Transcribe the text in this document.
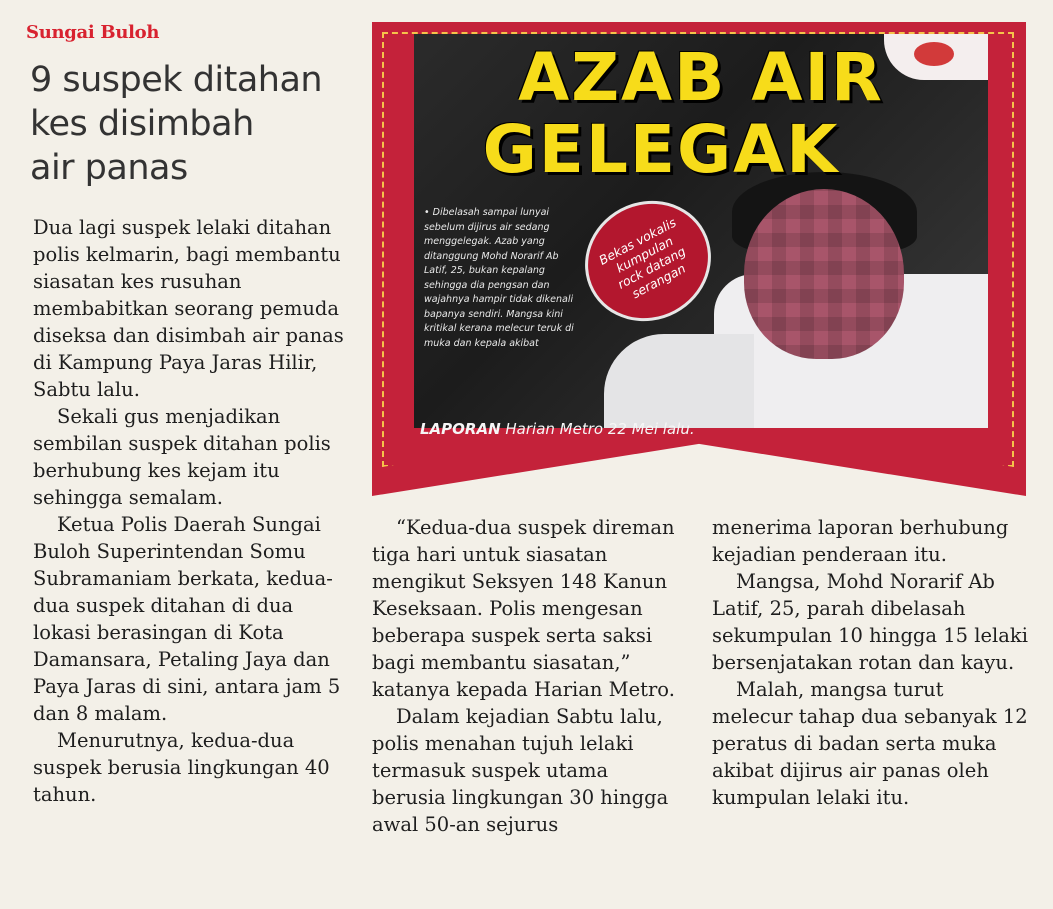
Sungai Buloh
9 suspek ditahan
kes disimbah
air panas

Dua lagi suspek lelaki ditahan polis kelmarin, bagi membantu siasatan kes rusuhan membabitkan seorang pemuda diseksa dan disimbah air panas di Kampung Paya Jaras Hilir, Sabtu lalu.

Sekali gus menjadikan sembilan suspek ditahan polis berhubung kes kejam itu sehingga semalam.

Ketua Polis Daerah Sungai Buloh Superintendan Somu Subramaniam berkata, kedua-dua suspek ditahan di dua lokasi berasingan di Kota Damansara, Petaling Jaya dan Paya Jaras di sini, antara jam 5 dan 8 malam.

Menurutnya, kedua-dua suspek berusia lingkungan 40 tahun.

AZAB AIR
GELEGAK
• Dibelasah sampai lunyai sebelum dijirus air sedang menggelegak. Azab yang ditanggung Mohd Norarif Ab Latif, 25, bukan kepalang sehingga dia pengsan dan wajahnya hampir tidak dikenali bapanya sendiri. Mangsa kini kritikal kerana melecur teruk di muka dan kepala akibat
Bekas vokalis kumpulan rock datang serangan
LAPORAN Harian Metro 22 Mei lalu.

“Kedua-dua suspek direman tiga hari untuk siasatan mengikut Seksyen 148 Kanun Keseksaan. Polis mengesan beberapa suspek serta saksi bagi membantu siasatan,” katanya kepada Harian Metro.

Dalam kejadian Sabtu lalu, polis menahan tujuh lelaki termasuk suspek utama berusia lingkungan 30 hingga awal 50-an sejurus

menerima laporan berhubung kejadian penderaan itu.

Mangsa, Mohd Norarif Ab Latif, 25, parah dibelasah sekumpulan 10 hingga 15 lelaki bersenjatakan rotan dan kayu.

Malah, mangsa turut melecur tahap dua sebanyak 12 peratus di badan serta muka akibat dijirus air panas oleh kumpulan lelaki itu.
